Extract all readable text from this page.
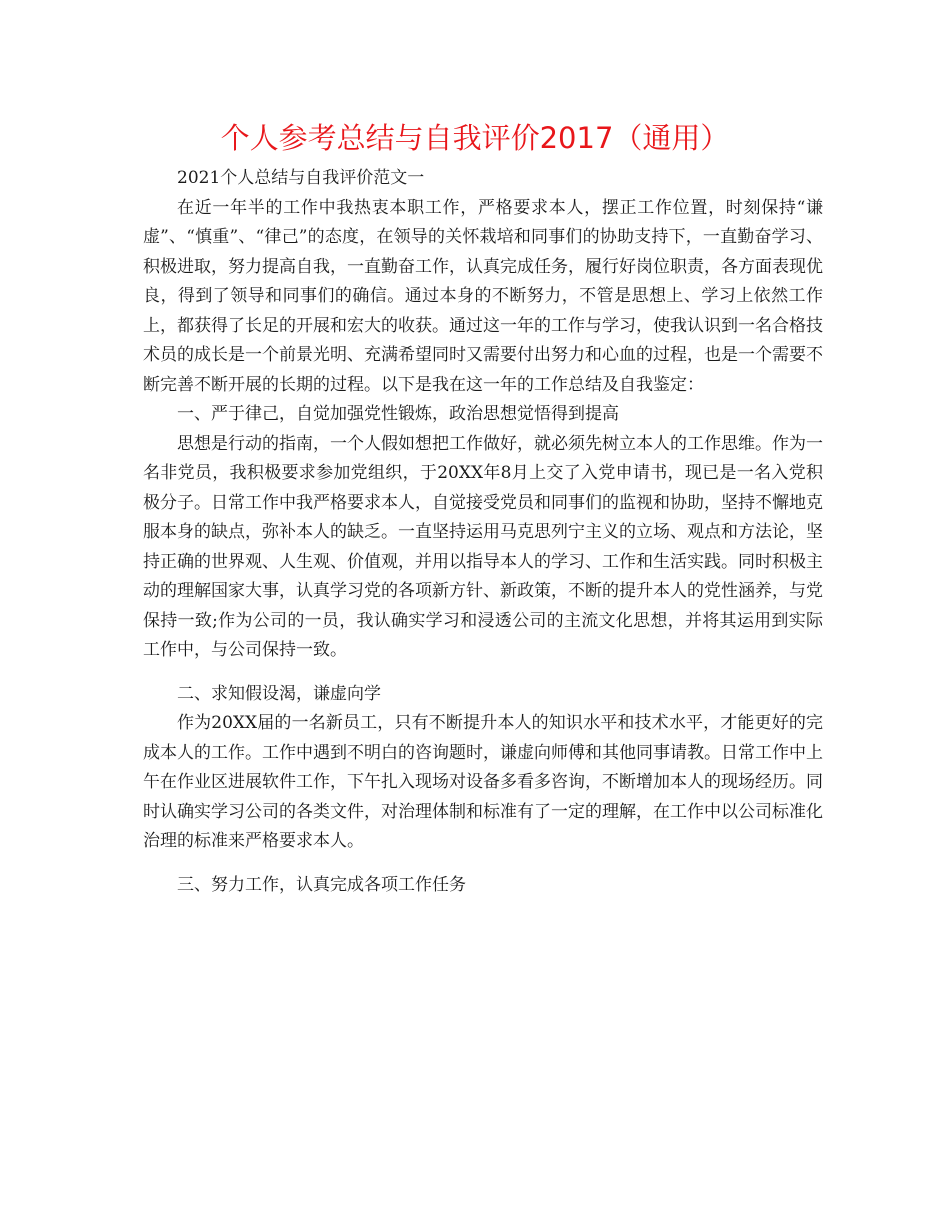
个人参考总结与自我评价2017（通用）

2021个人总结与自我评价范文一

在近一年半的工作中我热衷本职工作，严格要求本人，摆正工作位置，时刻保持“谦虚”、“慎重”、“律己”的态度，在领导的关怀栽培和同事们的协助支持下，一直勤奋学习、积极进取，努力提高自我，一直勤奋工作，认真完成任务，履行好岗位职责，各方面表现优良，得到了领导和同事们的确信。通过本身的不断努力，不管是思想上、学习上依然工作上，都获得了长足的开展和宏大的收获。通过这一年的工作与学习，使我认识到一名合格技术员的成长是一个前景光明、充满希望同时又需要付出努力和心血的过程，也是一个需要不断完善不断开展的长期的过程。以下是我在这一年的工作总结及自我鉴定：

一、严于律己，自觉加强党性锻炼，政治思想觉悟得到提高

思想是行动的指南，一个人假如想把工作做好，就必须先树立本人的工作思维。作为一名非党员，我积极要求参加党组织，于20XX年8月上交了入党申请书，现已是一名入党积极分子。日常工作中我严格要求本人，自觉接受党员和同事们的监视和协助，坚持不懈地克服本身的缺点，弥补本人的缺乏。一直坚持运用马克思列宁主义的立场、观点和方法论，坚持正确的世界观、人生观、价值观，并用以指导本人的学习、工作和生活实践。同时积极主动的理解国家大事，认真学习党的各项新方针、新政策，不断的提升本人的党性涵养，与党保持一致;作为公司的一员，我认确实学习和浸透公司的主流文化思想，并将其运用到实际工作中，与公司保持一致。

二、求知假设渴，谦虚向学

作为20XX届的一名新员工，只有不断提升本人的知识水平和技术水平，才能更好的完成本人的工作。工作中遇到不明白的咨询题时，谦虚向师傅和其他同事请教。日常工作中上午在作业区进展软件工作，下午扎入现场对设备多看多咨询，不断增加本人的现场经历。同时认确实学习公司的各类文件，对治理体制和标准有了一定的理解，在工作中以公司标准化治理的标准来严格要求本人。

三、努力工作，认真完成各项工作任务
